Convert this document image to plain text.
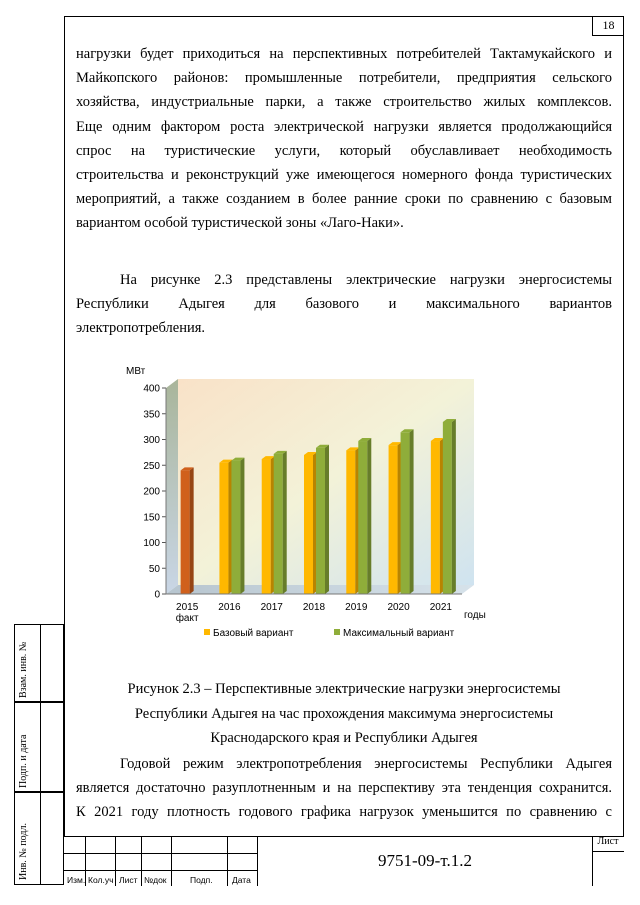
18
Взам. инв. №
Подп. и дата
Инв. № подл.
нагрузки будет приходиться на перспективных потребителей Тактамукайского и
Майкопского районов: промышленные потребители, предприятия сельского
хозяйства, индустриальные парки, а также строительство жилых комплексов.
Еще одним фактором роста электрической нагрузки является продолжающийся
спрос на туристические услуги, который обуславливает необходимость
строительства и реконструкций уже имеющегося номерного фонда туристических
мероприятий, а также созданием в более ранние сроки по сравнению с базовым
вариантом особой туристической зоны «Лаго-Наки».
На рисунке 2.3 представлены электрические нагрузки энергосистемы
Республики Адыгея для базового и максимального вариантов
электропотребления.
0
50
100
150
200
250
300
350
400
2015
факт
2016 2017 2018 2019 2020 2021
МВт
годы
Базовый вариант	Максимальный вариант
Рисунок 2.3 – Перспективные электрические нагрузки энергосистемы
Республики Адыгея на час прохождения максимума энергосистемы
Краснодарского края и Республики Адыгея
Годовой режим электропотребления энергосистемы Республики Адыгея
является достаточно разуплотненным и на перспективу эта тенденция сохранится.
К 2021 году плотность годового графика нагрузок уменьшится по сравнению с
Изм. Кол.уч Лист №док	Подп. Дата
9751-09-т.1.2
Лист
